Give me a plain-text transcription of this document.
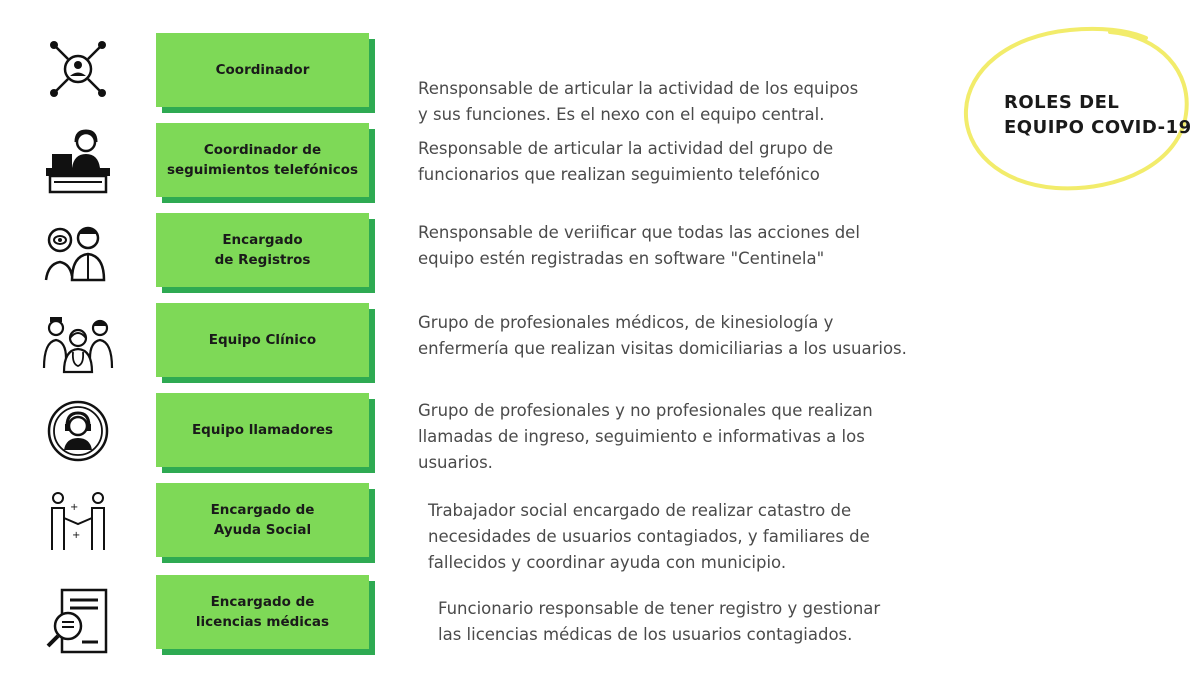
ROLES DEL
EQUIPO COVID-19
Coordinador
Rensponsable de articular la actividad de los equipos
y sus funciones. Es el nexo con el equipo central.
Coordinador de
seguimientos telefónicos
Responsable de articular la actividad del grupo de
funcionarios que realizan seguimiento telefónico
Encargado
de Registros
Rensponsable de veriificar que todas las acciones del
equipo estén registradas en software "Centinela"
Equipo Clínico
Grupo de profesionales médicos, de kinesiología y
enfermería que realizan visitas domiciliarias a los usuarios.
Equipo llamadores
Grupo de profesionales y no profesionales que realizan
llamadas de ingreso, seguimiento e informativas a los usuarios.
+
+
Encargado de
Ayuda Social
Trabajador social encargado de realizar catastro de
necesidades de usuarios contagiados, y familiares de
fallecidos y coordinar ayuda con municipio.
Encargado de
licencias médicas
Funcionario responsable de tener registro y gestionar
las licencias médicas de los usuarios contagiados.
